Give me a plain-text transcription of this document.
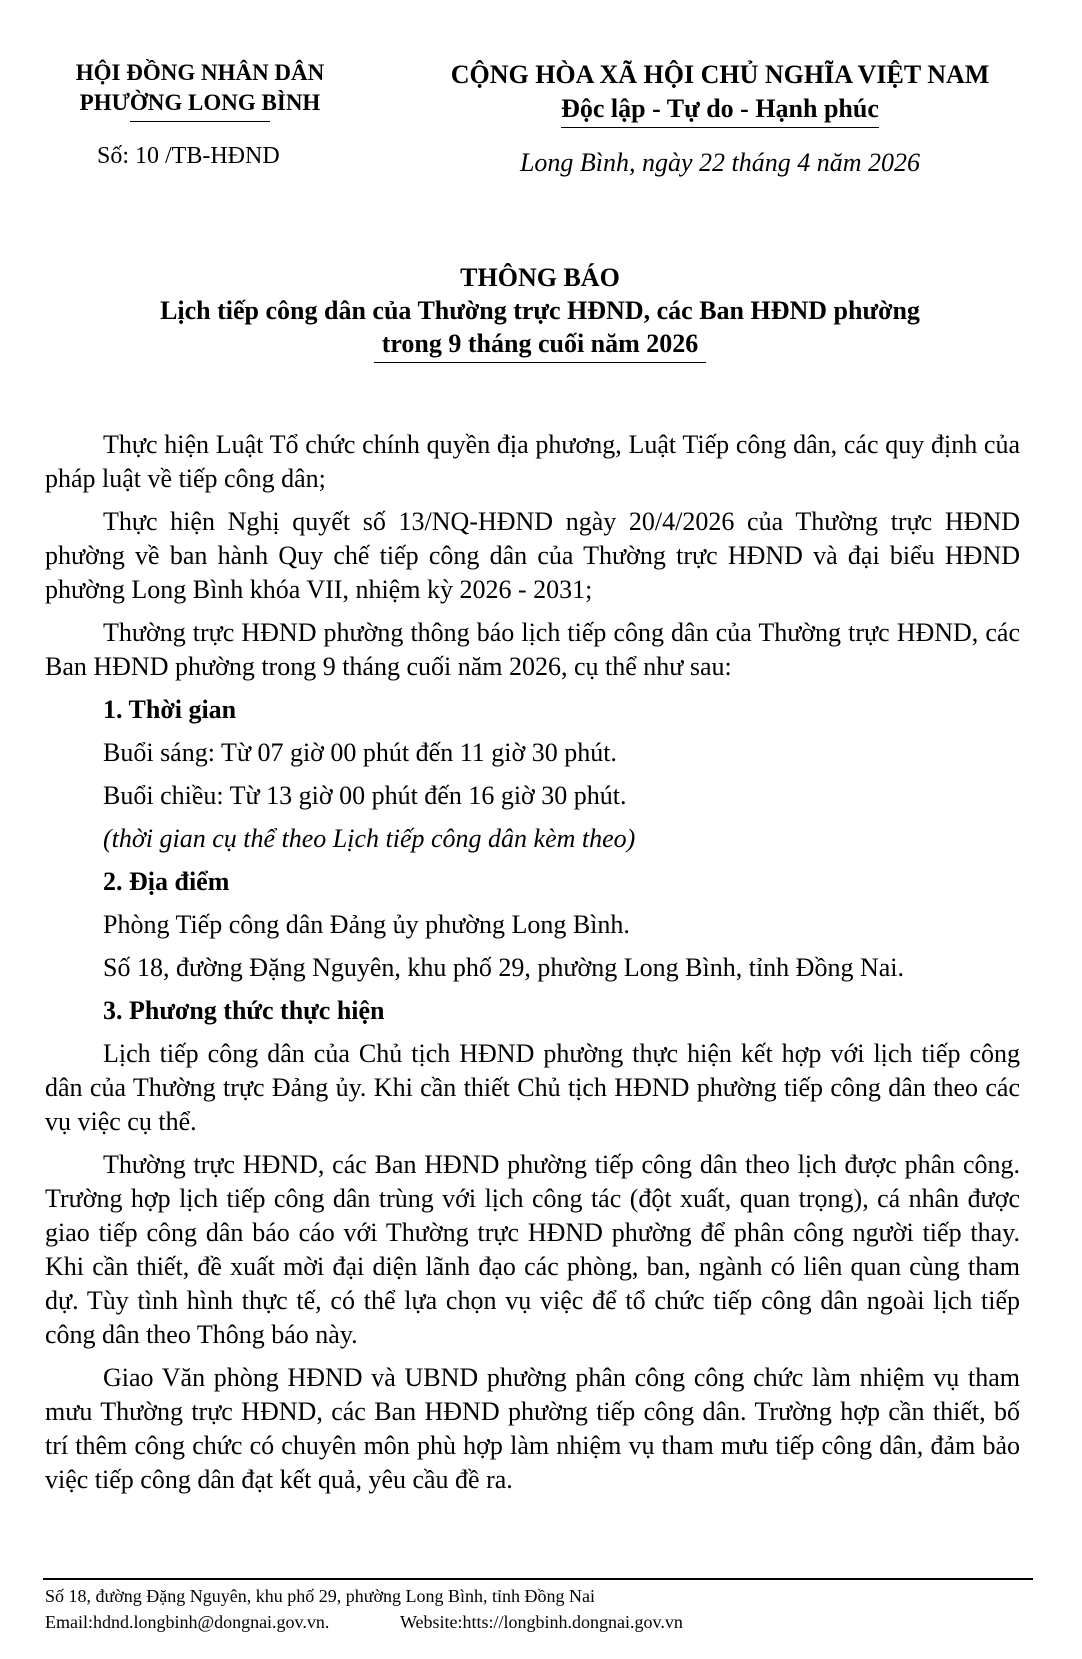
HỘI ĐỒNG NHÂN DÂN
PHƯỜNG LONG BÌNH
Số: 10 /TB-HĐND
CỘNG HÒA XÃ HỘI CHỦ NGHĨA VIỆT NAM
Độc lập - Tự do - Hạnh phúc
Long Bình, ngày 22 tháng 4 năm 2026
THÔNG BÁO
Lịch tiếp công dân của Thường trực HĐND, các Ban HĐND phường
trong 9 tháng cuối năm 2026

Thực hiện Luật Tổ chức chính quyền địa phương, Luật Tiếp công dân, các quy định của pháp luật về tiếp công dân;

Thực hiện Nghị quyết số 13/NQ-HĐND ngày 20/4/2026 của Thường trực HĐND phường về ban hành Quy chế tiếp công dân của Thường trực HĐND và đại biểu HĐND phường Long Bình khóa VII, nhiệm kỳ 2026 - 2031;

Thường trực HĐND phường thông báo lịch tiếp công dân của Thường trực HĐND, các Ban HĐND phường trong 9 tháng cuối năm 2026, cụ thể như sau:

1. Thời gian

Buổi sáng: Từ 07 giờ 00 phút đến 11 giờ 30 phút.

Buổi chiều: Từ 13 giờ 00 phút đến 16 giờ 30 phút.

(thời gian cụ thể theo Lịch tiếp công dân kèm theo)

2. Địa điểm

Phòng Tiếp công dân Đảng ủy phường Long Bình.

Số 18, đường Đặng Nguyên, khu phố 29, phường Long Bình, tỉnh Đồng Nai.

3. Phương thức thực hiện

Lịch tiếp công dân của Chủ tịch HĐND phường thực hiện kết hợp với lịch tiếp công dân của Thường trực Đảng ủy. Khi cần thiết Chủ tịch HĐND phường tiếp công dân theo các vụ việc cụ thể.

Thường trực HĐND, các Ban HĐND phường tiếp công dân theo lịch được phân công. Trường hợp lịch tiếp công dân trùng với lịch công tác (đột xuất, quan trọng), cá nhân được giao tiếp công dân báo cáo với Thường trực HĐND phường để phân công người tiếp thay. Khi cần thiết, đề xuất mời đại diện lãnh đạo các phòng, ban, ngành có liên quan cùng tham dự. Tùy tình hình thực tế, có thể lựa chọn vụ việc để tổ chức tiếp công dân ngoài lịch tiếp công dân theo Thông báo này.

Giao Văn phòng HĐND và UBND phường phân công công chức làm nhiệm vụ tham mưu Thường trực HĐND, các Ban HĐND phường tiếp công dân. Trường hợp cần thiết, bố trí thêm công chức có chuyên môn phù hợp làm nhiệm vụ tham mưu tiếp công dân, đảm bảo việc tiếp công dân đạt kết quả, yêu cầu đề ra.

Số 18, đường Đặng Nguyên, khu phố 29, phường Long Bình, tỉnh Đồng Nai
Email:hdnd.longbinh@dongnai.gov.vn.	Website:htts://longbinh.dongnai.gov.vn
